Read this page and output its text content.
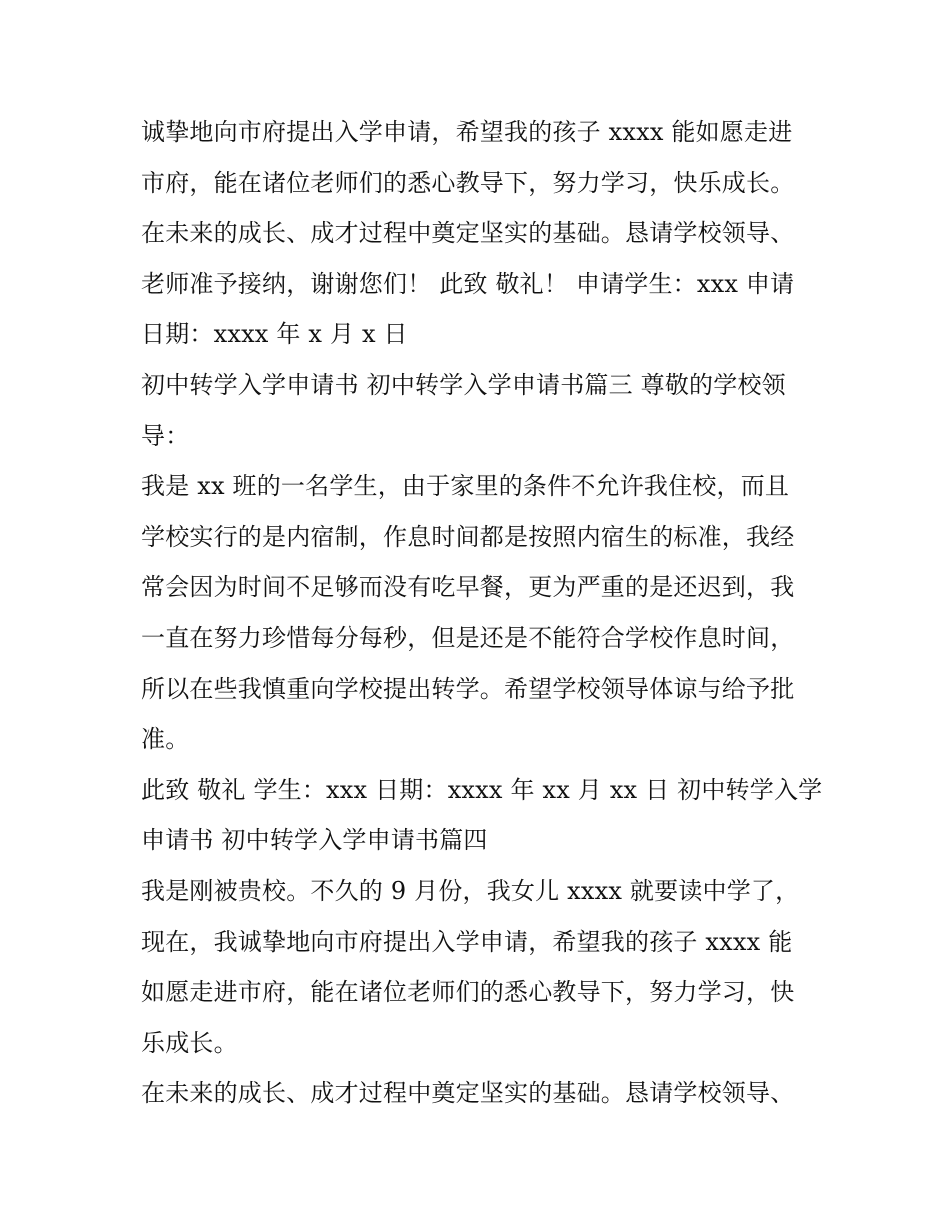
诚挚地向市府提出入学申请，希望我的孩子 xxxx 能如愿走进
市府，能在诸位老师们的悉心教导下，努力学习，快乐成长。
在未来的成长、成才过程中奠定坚实的基础。恳请学校领导、
老师准予接纳，谢谢您们！ 此致 敬礼！ 申请学生：xxx 申请
日期：xxxx 年 x 月 x 日
初中转学入学申请书 初中转学入学申请书篇三 尊敬的学校领
导：
我是 xx 班的一名学生，由于家里的条件不允许我住校，而且
学校实行的是内宿制，作息时间都是按照内宿生的标准，我经
常会因为时间不足够而没有吃早餐，更为严重的是还迟到，我
一直在努力珍惜每分每秒，但是还是不能符合学校作息时间，
所以在些我慎重向学校提出转学。希望学校领导体谅与给予批
准。
此致 敬礼 学生：xxx 日期：xxxx 年 xx 月 xx 日 初中转学入学
申请书 初中转学入学申请书篇四
我是刚被贵校。不久的 9 月份，我女儿 xxxx 就要读中学了，
现在，我诚挚地向市府提出入学申请，希望我的孩子 xxxx 能
如愿走进市府，能在诸位老师们的悉心教导下，努力学习，快
乐成长。
在未来的成长、成才过程中奠定坚实的基础。恳请学校领导、
